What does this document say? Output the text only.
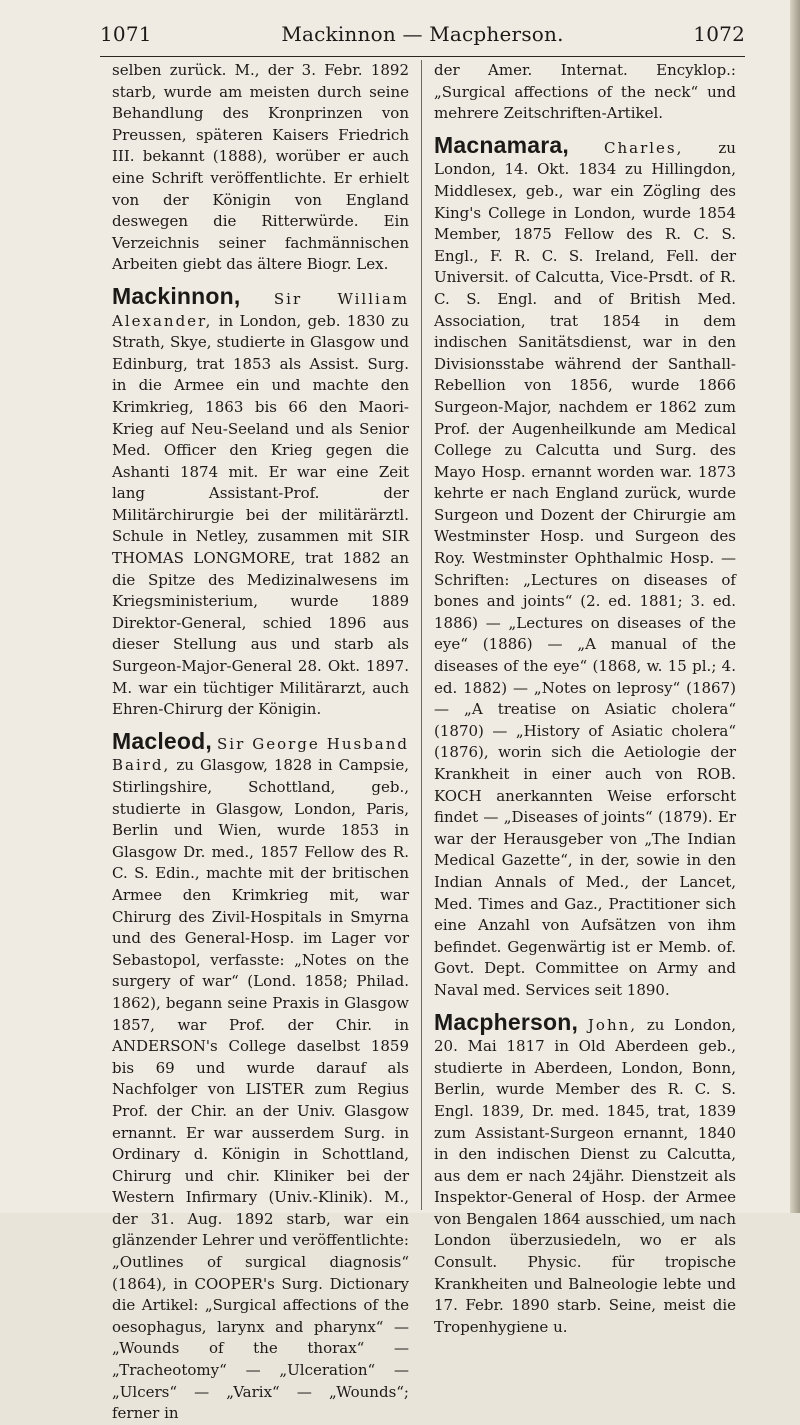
1071	Mackinnon — Macpherson.	1072

selben zurück. M., der 3. Febr. 1892 starb, wurde am meisten durch seine Behandlung des Kronprinzen von Preussen, späteren Kaisers Friedrich III. bekannt (1888), worüber er auch eine Schrift veröffentlichte. Er erhielt von der Königin von England deswegen die Ritterwürde. Ein Verzeichnis seiner fachmännischen Arbeiten giebt das ältere Biogr. Lex.

Mackinnon, Sir William Alexander, in London, geb. 1830 zu Strath, Skye, studierte in Glasgow und Edinburg, trat 1853 als Assist. Surg. in die Armee ein und machte den Krimkrieg, 1863 bis 66 den Maori-Krieg auf Neu-Seeland und als Senior Med. Officer den Krieg gegen die Ashanti 1874 mit. Er war eine Zeit lang Assistant-Prof. der Militärchirurgie bei der militärärztl. Schule in Netley, zusammen mit SIR THOMAS LONGMORE, trat 1882 an die Spitze des Medizinalwesens im Kriegsministerium, wurde 1889 Direktor-General, schied 1896 aus dieser Stellung aus und starb als Surgeon-Major-General 28. Okt. 1897. M. war ein tüchtiger Militärarzt, auch Ehren-Chirurg der Königin.

Macleod, Sir George Husband Baird, zu Glasgow, 1828 in Campsie, Stirlingshire, Schottland, geb., studierte in Glasgow, London, Paris, Berlin und Wien, wurde 1853 in Glasgow Dr. med., 1857 Fellow des R. C. S. Edin., machte mit der britischen Armee den Krimkrieg mit, war Chirurg des Zivil-Hospitals in Smyrna und des General-Hosp. im Lager vor Sebastopol, verfasste: „Notes on the surgery of war“ (Lond. 1858; Philad. 1862), begann seine Praxis in Glasgow 1857, war Prof. der Chir. in ANDERSON's College daselbst 1859 bis 69 und wurde darauf als Nachfolger von LISTER zum Regius Prof. der Chir. an der Univ. Glasgow ernannt. Er war ausserdem Surg. in Ordinary d. Königin in Schottland, Chirurg und chir. Kliniker bei der Western Infirmary (Univ.-Klinik). M., der 31. Aug. 1892 starb, war ein glänzender Lehrer und veröffentlichte: „Outlines of surgical diagnosis“ (1864), in COOPER's Surg. Dictionary die Artikel: „Surgical affections of the oesophagus, larynx and pharynx“ — „Wounds of the thorax“ — „Tracheotomy“ — „Ulceration“ — „Ulcers“ — „Varix“ — „Wounds“; ferner in

der Amer. Internat. Encyklop.: „Surgical affections of the neck“ und mehrere Zeitschriften-Artikel.

Macnamara, Charles, zu London, 14. Okt. 1834 zu Hillingdon, Middlesex, geb., war ein Zögling des King's College in London, wurde 1854 Member, 1875 Fellow des R. C. S. Engl., F. R. C. S. Ireland, Fell. der Universit. of Calcutta, Vice-Prsdt. of R. C. S. Engl. and of British Med. Association, trat 1854 in dem indischen Sanitätsdienst, war in den Divisionsstabe während der Santhall-Rebellion von 1856, wurde 1866 Surgeon-Major, nachdem er 1862 zum Prof. der Augenheilkunde am Medical College zu Calcutta und Surg. des Mayo Hosp. ernannt worden war. 1873 kehrte er nach England zurück, wurde Surgeon und Dozent der Chirurgie am Westminster Hosp. und Surgeon des Roy. Westminster Ophthalmic Hosp. — Schriften: „Lectures on diseases of bones and joints“ (2. ed. 1881; 3. ed. 1886) — „Lectures on diseases of the eye“ (1886) — „A manual of the diseases of the eye“ (1868, w. 15 pl.; 4. ed. 1882) — „Notes on leprosy“ (1867) — „A treatise on Asiatic cholera“ (1870) — „History of Asiatic cholera“ (1876), worin sich die Aetiologie der Krankheit in einer auch von ROB. KOCH anerkannten Weise erforscht findet — „Diseases of joints“ (1879). Er war der Herausgeber von „The Indian Medical Gazette“, in der, sowie in den Indian Annals of Med., der Lancet, Med. Times and Gaz., Practitioner sich eine Anzahl von Aufsätzen von ihm befindet. Gegenwärtig ist er Memb. of. Govt. Dept. Committee on Army and Naval med. Services seit 1890.

Macpherson, John, zu London, 20. Mai 1817 in Old Aberdeen geb., studierte in Aberdeen, London, Bonn, Berlin, wurde Member des R. C. S. Engl. 1839, Dr. med. 1845, trat, 1839 zum Assistant-Surgeon ernannt, 1840 in den indischen Dienst zu Calcutta, aus dem er nach 24jähr. Dienstzeit als Inspektor-General of Hosp. der Armee von Bengalen 1864 ausschied, um nach London überzusiedeln, wo er als Consult. Physic. für tropische Krankheiten und Balneologie lebte und 17. Febr. 1890 starb. Seine, meist die Tropenhygiene u.
